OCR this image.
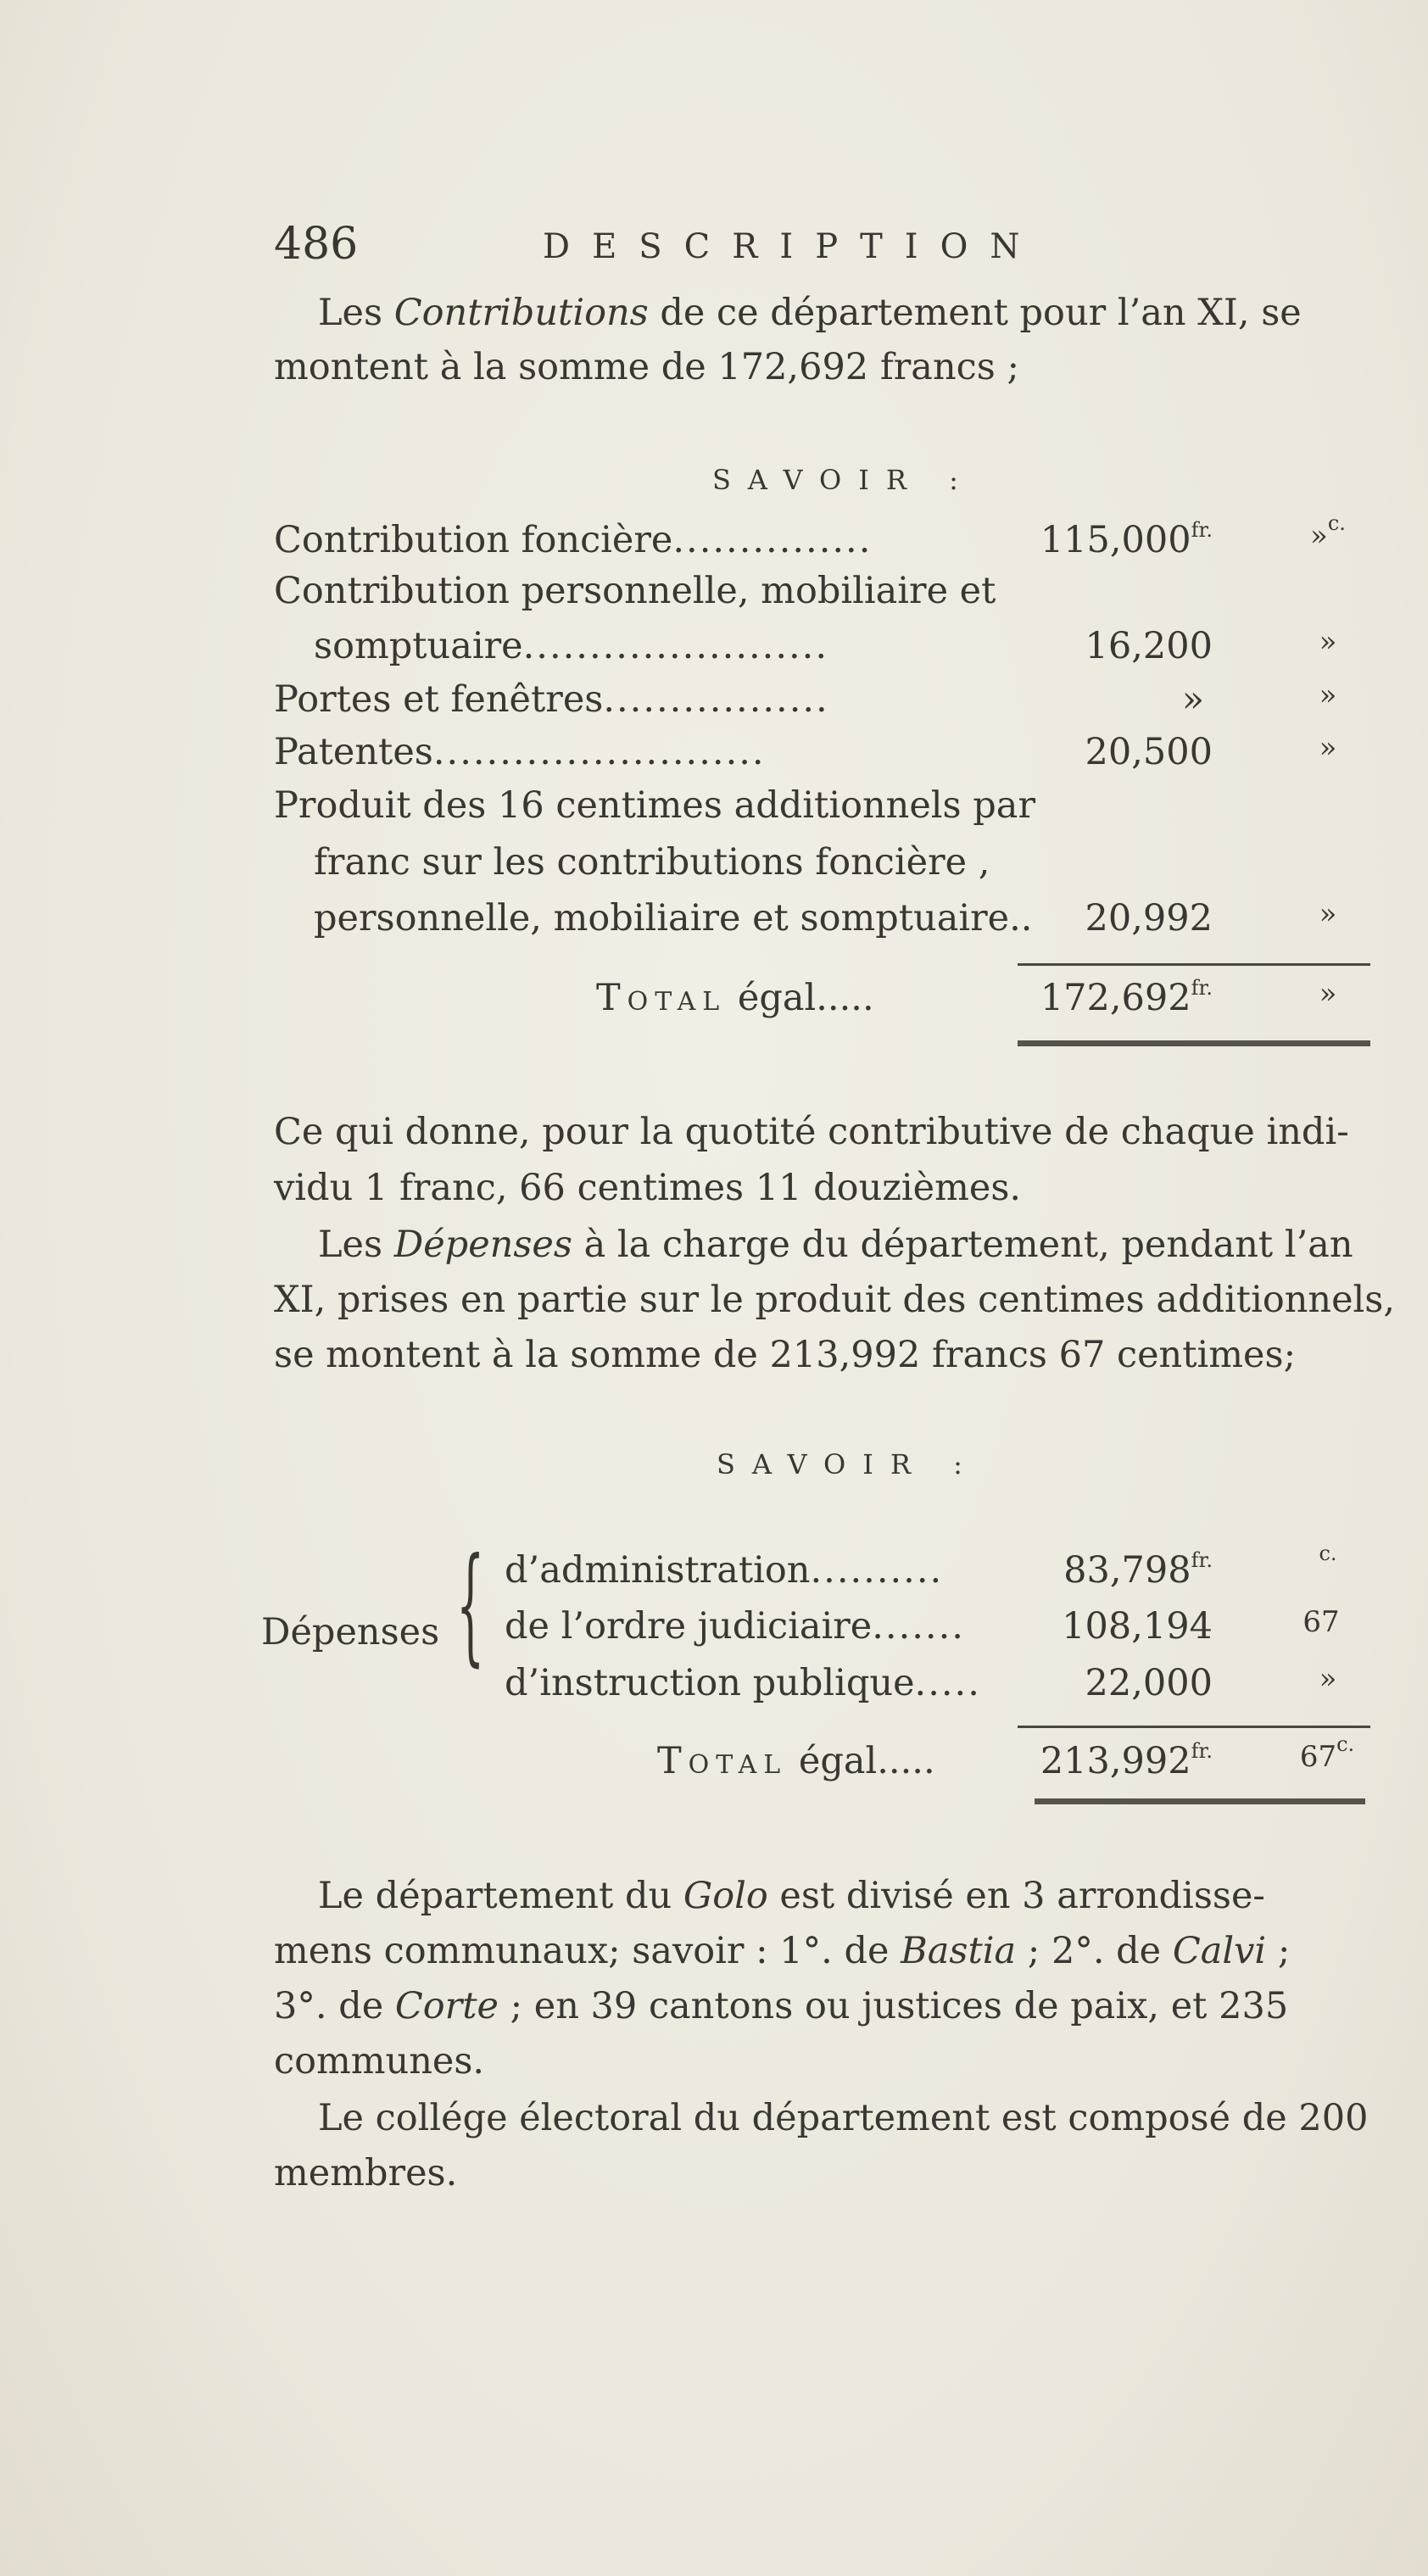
486	DESCRIPTION
Les Contributions de ce département pour l’an XI, se
montent à la somme de 172,692 francs ;
SAVOIR :
Contribution foncière...............	$115,000^{fr.}$	»$^{c.}$
Contribution personnelle, mobiliaire et
somptuaire.......................	16,200	»
Portes et fenêtres.................	»	»
Patentes.........................	20,500	»
Produit des 16 centimes additionnels par
franc sur les contributions foncière ,
personnelle, mobiliaire et somptuaire..	20,992	»
Total égal.....	$172,692^{fr.}$	»
Ce qui donne, pour la quotité contributive de chaque indi-
vidu 1 franc, 66 centimes 11 douzièmes.
Les Dépenses à la charge du département, pendant l’an
XI, prises en partie sur le produit des centimes additionnels,
se montent à la somme de 213,992 francs 67 centimes;
SAVOIR :
Dépenses { d’administration..........	$83,798^{fr.}$	$^{c.}$
de l’ordre judiciaire.......	108,194	67
d’instruction publique.....	22,000	»
Total égal.....	$213,992^{fr.}$	$67^{c.}$
Le département du Golo est divisé en 3 arrondisse-
mens communaux; savoir : 1°. de Bastia ; 2°. de Calvi ;
3°. de Corte ; en 39 cantons ou justices de paix, et 235
communes.
Le collége électoral du département est composé de 200
membres.
